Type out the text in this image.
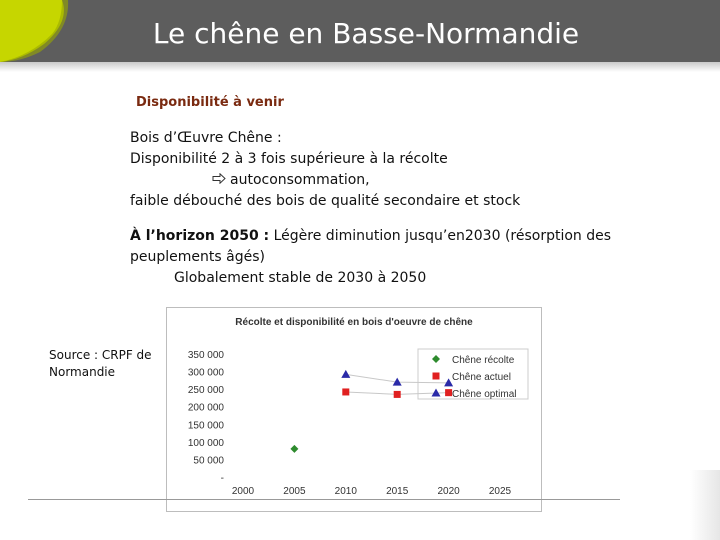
Le chêne en Basse-Normandie
Disponibilité à venir
Bois d’Œuvre Chêne :
Disponibilité 2 à 3 fois supérieure à la récolte
autoconsommation,
faible débouché des bois de qualité secondaire et stock
À l’horizon 2050 : Légère diminution jusqu’en2030 (résorption des
peuplements âgés)
Globalement stable de 2030 à 2050
Source : CRPF de
Normandie
Récolte et disponibilité en bois d'oeuvre de chêne
-
50 000
100 000
150 000
200 000
250 000
300 000
350 000
2000	2005	2010	2015	2020	2025
Chêne récolte
Chêne actuel
Chêne optimal
